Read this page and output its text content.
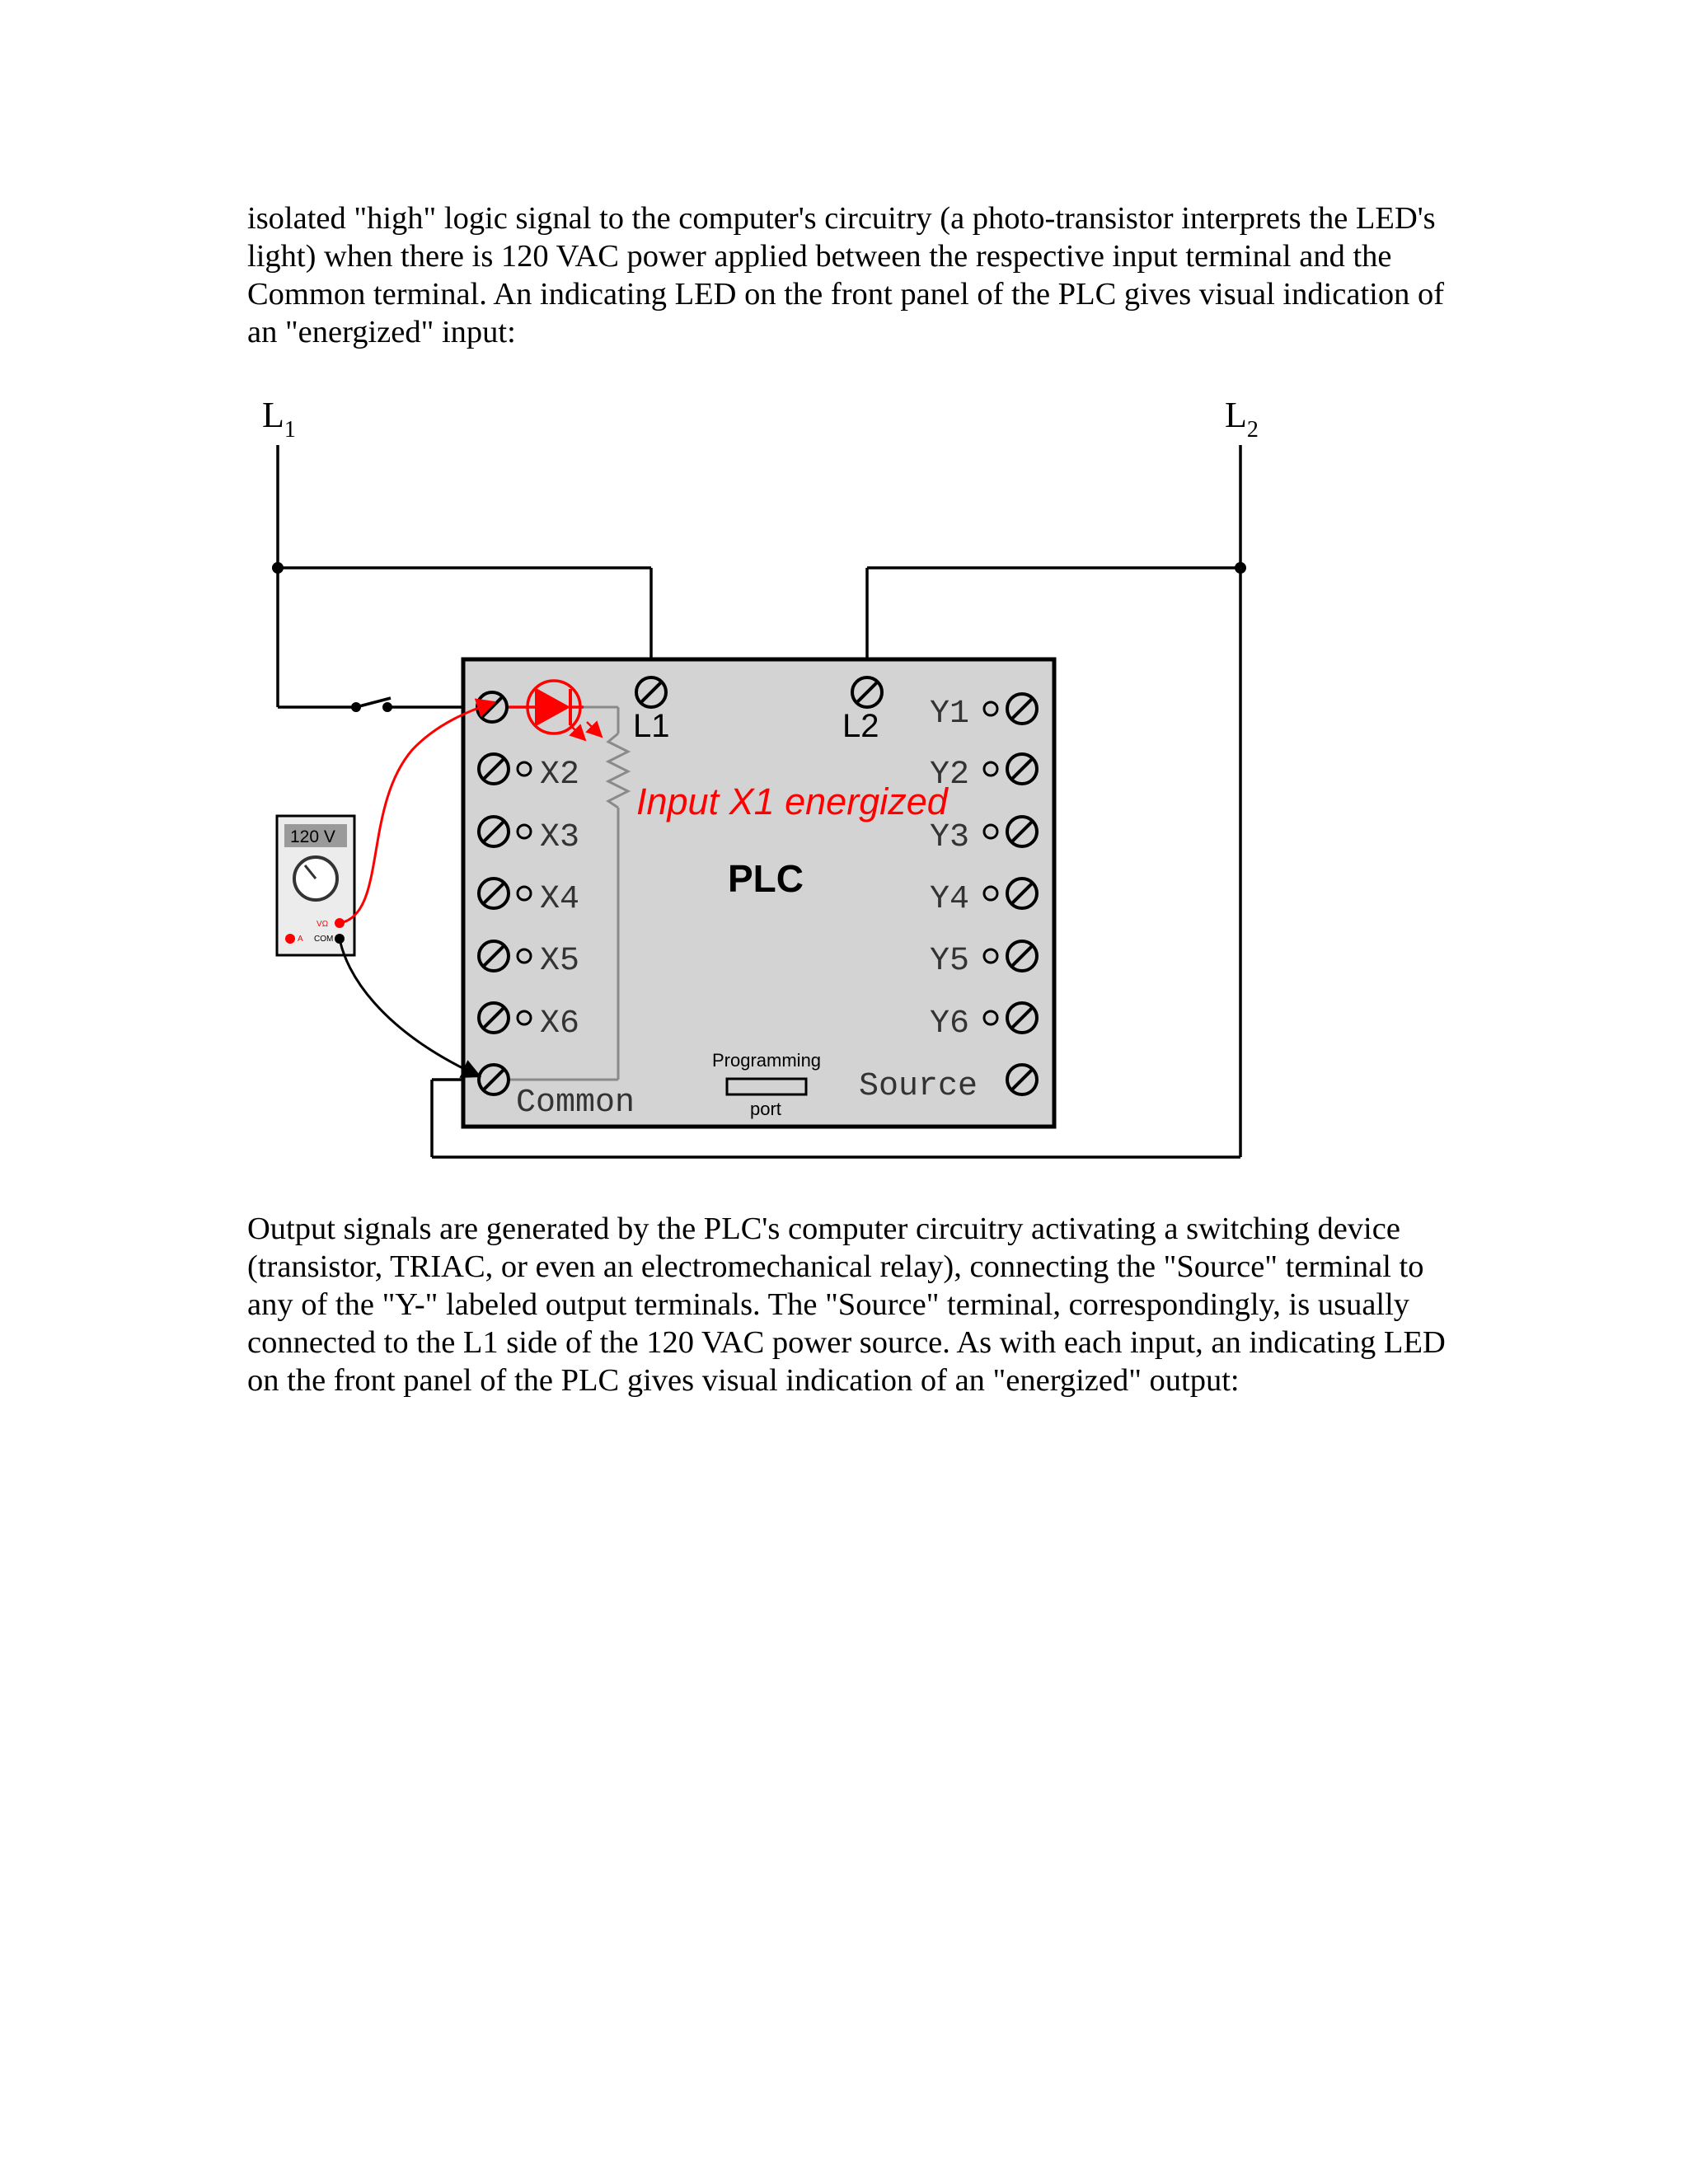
isolated "high" logic signal to the computer's circuitry (a photo-transistor interprets the LED's light) when there is 120 VAC power applied between the respective input terminal and the Common terminal. An indicating LED on the front panel of the PLC gives visual indication of an "energized" input:

$L_1$	$L_2$
L1	L2
X2
X3
X4
X5
X6
Y1
Y2
Y3
Y4
Y5
Y6
Common	Source
PLC
Input X1 energized
Programming
port
120 V
VΩ
A COM

Output signals are generated by the PLC's computer circuitry activating a switching device (transistor, TRIAC, or even an electromechanical relay), connecting the "Source" terminal to any of the "Y-" labeled output terminals. The "Source" terminal, correspondingly, is usually connected to the L1 side of the 120 VAC power source. As with each input, an indicating LED on the front panel of the PLC gives visual indication of an "energized" output:
